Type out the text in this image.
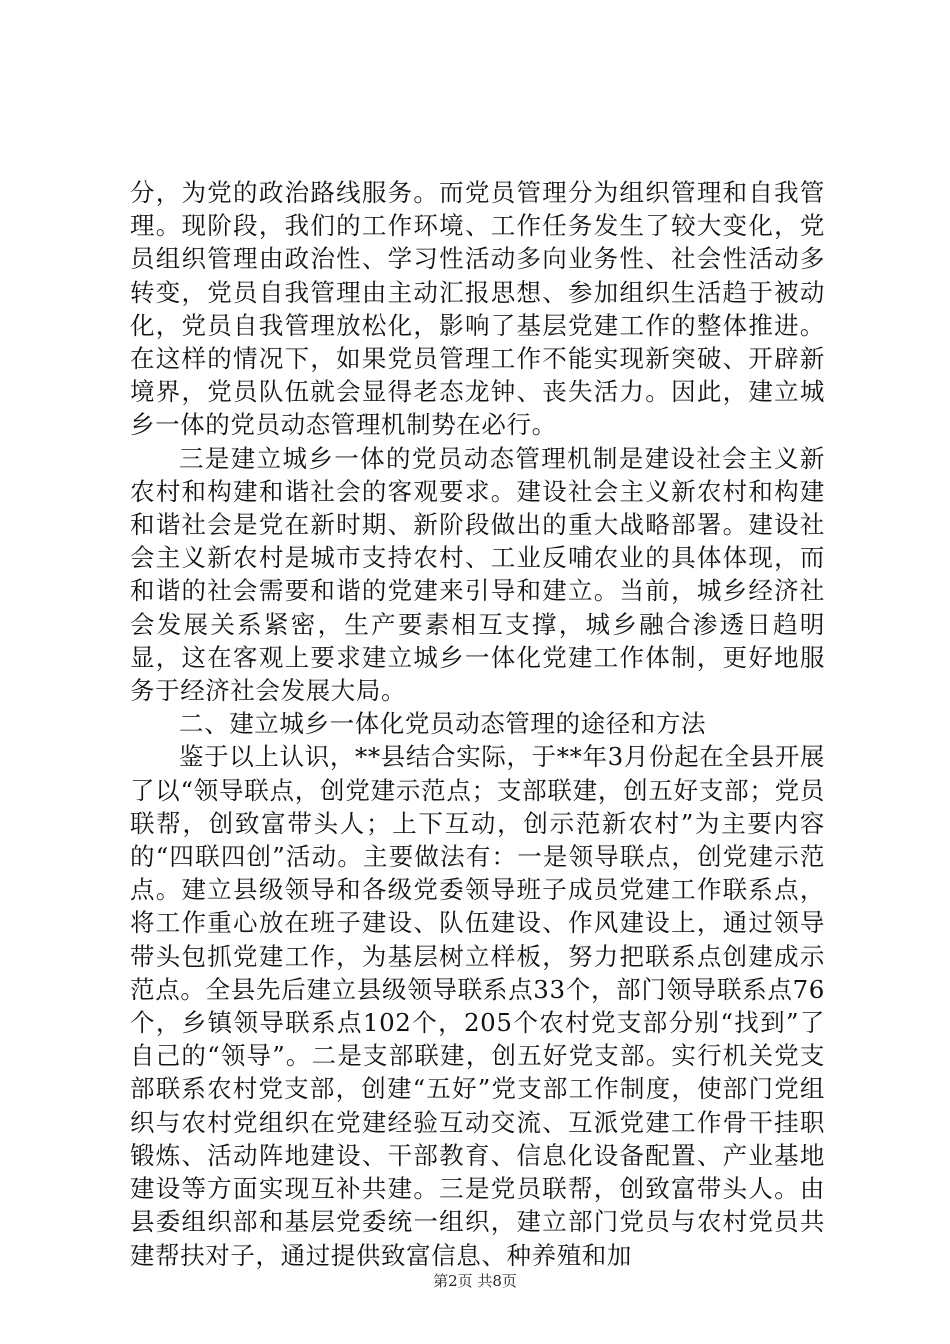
分，为党的政治路线服务。而党员管理分为组织管理和自我管理。现阶段，我们的工作环境、工作任务发生了较大变化，党员组织管理由政治性、学习性活动多向业务性、社会性活动多转变，党员自我管理由主动汇报思想、参加组织生活趋于被动化，党员自我管理放松化，影响了基层党建工作的整体推进。在这样的情况下，如果党员管理工作不能实现新突破、开辟新境界，党员队伍就会显得老态龙钟、丧失活力。因此，建立城乡一体的党员动态管理机制势在必行。

三是建立城乡一体的党员动态管理机制是建设社会主义新农村和构建和谐社会的客观要求。建设社会主义新农村和构建和谐社会是党在新时期、新阶段做出的重大战略部署。建设社会主义新农村是城市支持农村、工业反哺农业的具体体现，而和谐的社会需要和谐的党建来引导和建立。当前，城乡经济社会发展关系紧密，生产要素相互支撑，城乡融合渗透日趋明显，这在客观上要求建立城乡一体化党建工作体制，更好地服务于经济社会发展大局。

二、建立城乡一体化党员动态管理的途径和方法

鉴于以上认识，**县结合实际，于**年3月份起在全县开展了以“领导联点，创党建示范点；支部联建，创五好支部；党员联帮，创致富带头人；上下互动，创示范新农村”为主要内容的“四联四创”活动。主要做法有：一是领导联点，创党建示范点。建立县级领导和各级党委领导班子成员党建工作联系点，将工作重心放在班子建设、队伍建设、作风建设上，通过领导带头包抓党建工作，为基层树立样板，努力把联系点创建成示范点。全县先后建立县级领导联系点33个，部门领导联系点76个，乡镇领导联系点102个，205个农村党支部分别“找到”了自己的“领导”。二是支部联建，创五好党支部。实行机关党支部联系农村党支部，创建“五好”党支部工作制度，使部门党组织与农村党组织在党建经验互动交流、互派党建工作骨干挂职锻炼、活动阵地建设、干部教育、信息化设备配置、产业基地建设等方面实现互补共建。三是党员联帮，创致富带头人。由县委组织部和基层党委统一组织，建立部门党员与农村党员共建帮扶对子，通过提供致富信息、种养殖和加

第2页 共8页
